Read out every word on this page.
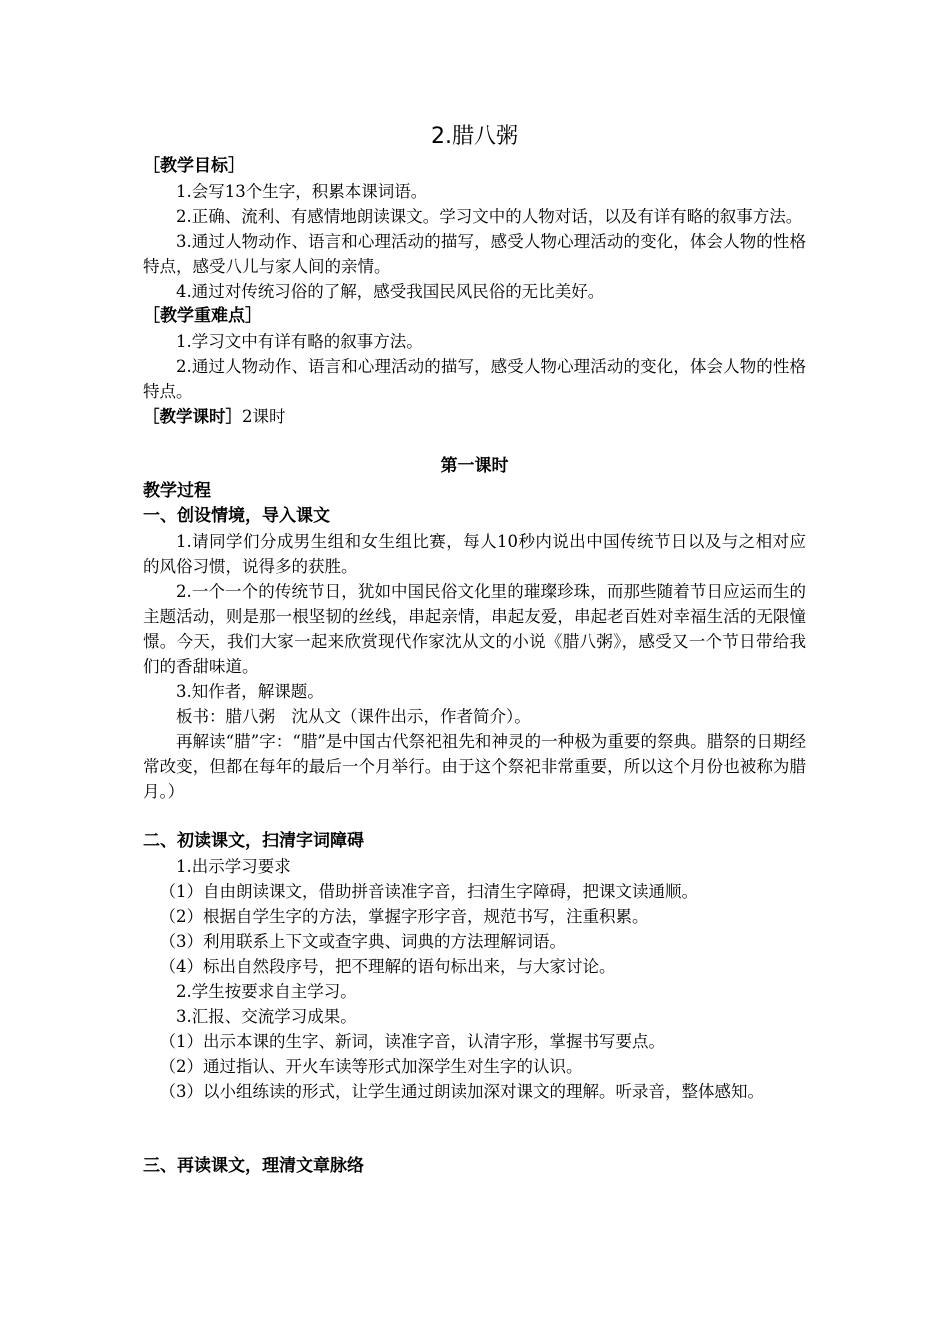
2.腊八粥
［教学目标］

1.会写13个生字，积累本课词语。

2.正确、流利、有感情地朗读课文。学习文中的人物对话，以及有详有略的叙事方法。

3.通过人物动作、语言和心理活动的描写，感受人物心理活动的变化，体会人物的性格特点，感受八儿与家人间的亲情。

4.通过对传统习俗的了解，感受我国民风民俗的无比美好。

［教学重难点］

1.学习文中有详有略的叙事方法。

2.通过人物动作、语言和心理活动的描写，感受人物心理活动的变化，体会人物的性格特点。

［教学课时］2课时

第一课时
教学过程
一、创设情境，导入课文

1.请同学们分成男生组和女生组比赛，每人10秒内说出中国传统节日以及与之相对应的风俗习惯，说得多的获胜。

2.一个一个的传统节日，犹如中国民俗文化里的璀璨珍珠，而那些随着节日应运而生的主题活动，则是那一根坚韧的丝线，串起亲情，串起友爱，串起老百姓对幸福生活的无限憧憬。今天，我们大家一起来欣赏现代作家沈从文的小说《腊八粥》，感受又一个节日带给我们的香甜味道。

3.知作者，解课题。

板书：腊八粥　沈从文（课件出示，作者简介）。

再解读“腊”字：“腊”是中国古代祭祀祖先和神灵的一种极为重要的祭典。腊祭的日期经常改变，但都在每年的最后一个月举行。由于这个祭祀非常重要，所以这个月份也被称为腊月。）

二、初读课文，扫清字词障碍

1.出示学习要求

（1）自由朗读课文，借助拼音读准字音，扫清生字障碍，把课文读通顺。

（2）根据自学生字的方法，掌握字形字音，规范书写，注重积累。

（3）利用联系上下文或查字典、词典的方法理解词语。

（4）标出自然段序号，把不理解的语句标出来，与大家讨论。

2.学生按要求自主学习。

3.汇报、交流学习成果。

（1）出示本课的生字、新词，读准字音，认清字形，掌握书写要点。

（2）通过指认、开火车读等形式加深学生对生字的认识。

（3）以小组练读的形式，让学生通过朗读加深对课文的理解。听录音，整体感知。

三、再读课文，理清文章脉络
